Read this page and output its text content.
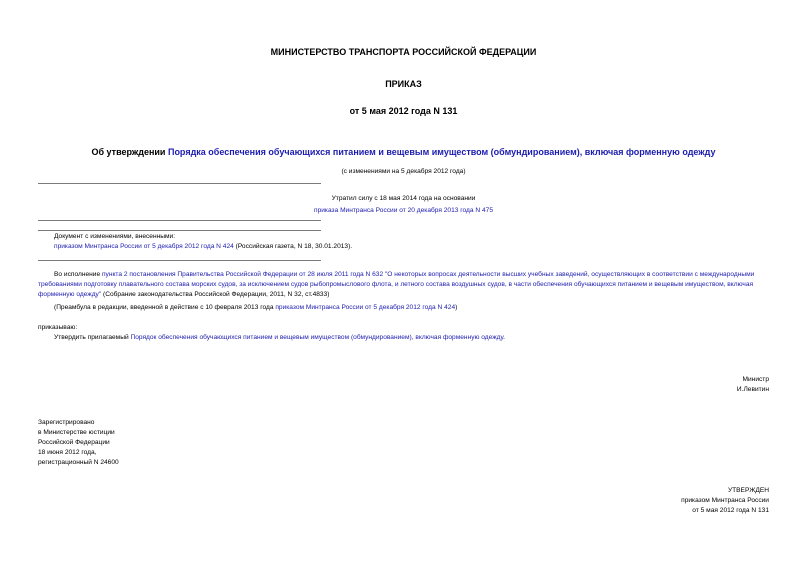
МИНИСТЕРСТВО ТРАНСПОРТА РОССИЙСКОЙ ФЕДЕРАЦИИ
ПРИКАЗ
от 5 мая 2012 года N 131
Об утверждении Порядка обеспечения обучающихся питанием и вещевым имуществом (обмундированием), включая форменную одежду
(с изменениями на 5 декабря 2012 года)
Утратил силу с 18 мая 2014 года на основании
приказа Минтранса России от 20 декабря 2013 года N 475
Документ с изменениями, внесенными:
приказом Минтранса России от 5 декабря 2012 года N 424 (Российская газета, N 18, 30.01.2013).
Во исполнение пункта 2 постановления Правительства Российской Федерации от 28 июля 2011 года N 632 "О некоторых вопросах деятельности высших учебных заведений, осуществляющих в соответствии с международными требованиями подготовку плавательного состава морских судов, за исключением судов рыбопромыслового флота, и летного состава воздушных судов, в части обеспечения обучающихся питанием и вещевым имуществом, включая форменную одежду" (Собрание законодательства Российской Федерации, 2011, N 32, ст.4833)
(Преамбула в редакции, введенной в действие с 10 февраля 2013 года приказом Минтранса России от 5 декабря 2012 года N 424)
приказываю:
Утвердить прилагаемый Порядок обеспечения обучающихся питанием и вещевым имуществом (обмундированием), включая форменную одежду.
Министр
И.Левитин
Зарегистрировано
в Министерстве юстиции
Российской Федерации
18 июня 2012 года,
регистрационный N 24600
УТВЕРЖДЕН
приказом Минтранса России
от 5 мая 2012 года N 131
